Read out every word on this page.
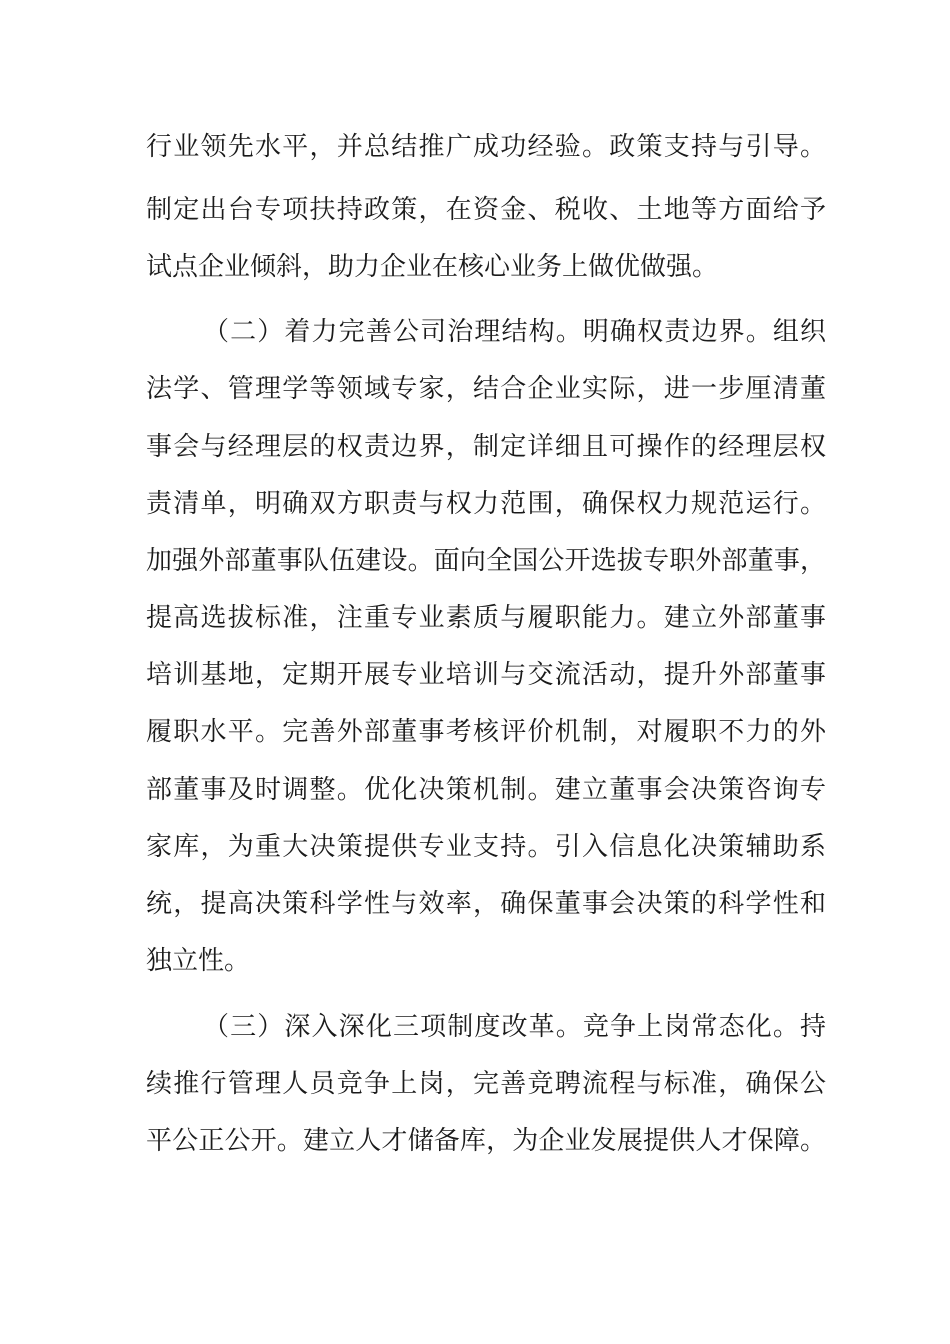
行业领先水平，并总结推广成功经验。政策支持与引导。
制定出台专项扶持政策，在资金、税收、土地等方面给予
试点企业倾斜，助力企业在核心业务上做优做强。
（二）着力完善公司治理结构。明确权责边界。组织
法学、管理学等领域专家，结合企业实际，进一步厘清董
事会与经理层的权责边界，制定详细且可操作的经理层权
责清单，明确双方职责与权力范围，确保权力规范运行。
加强外部董事队伍建设。面向全国公开选拔专职外部董事，
提高选拔标准，注重专业素质与履职能力。建立外部董事
培训基地，定期开展专业培训与交流活动，提升外部董事
履职水平。完善外部董事考核评价机制，对履职不力的外
部董事及时调整。优化决策机制。建立董事会决策咨询专
家库，为重大决策提供专业支持。引入信息化决策辅助系
统，提高决策科学性与效率，确保董事会决策的科学性和
独立性。
（三）深入深化三项制度改革。竞争上岗常态化。持
续推行管理人员竞争上岗，完善竞聘流程与标准，确保公
平公正公开。建立人才储备库，为企业发展提供人才保障。
